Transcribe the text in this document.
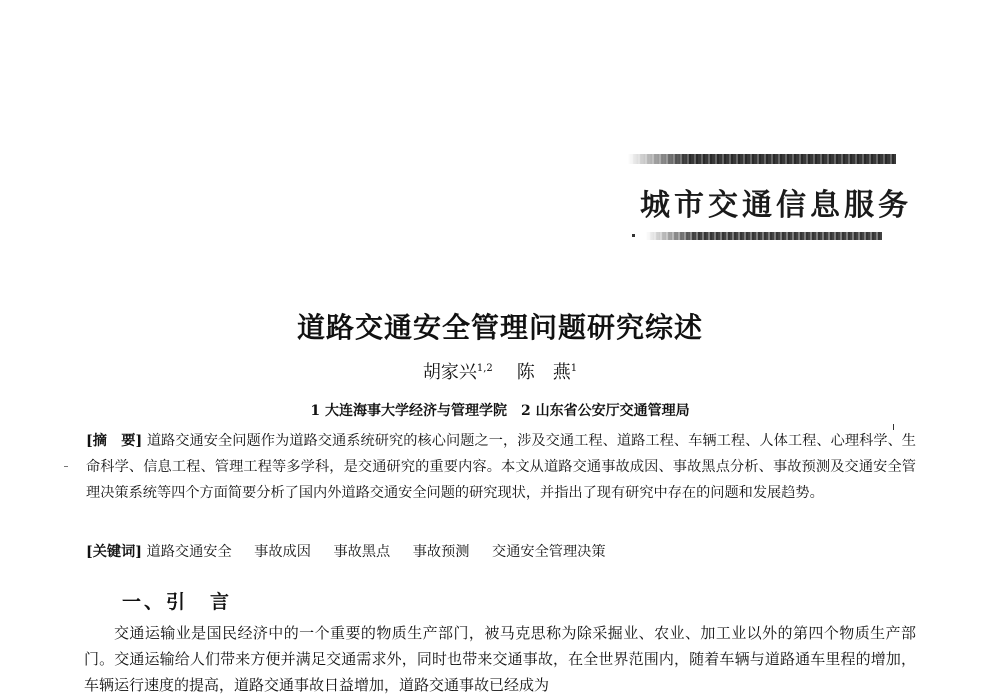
城市交通信息服务
道路交通安全管理问题研究综述
胡家兴$^{1,2}$ 陈　燕$^1$
1 大连海事大学经济与管理学院 2 山东省公安厅交通管理局
[摘　要] 道路交通安全问题作为道路交通系统研究的核心问题之一，涉及交通工程、道路工程、车辆工程、人体工程、心理科学、生命科学、信息工程、管理工程等多学科，是交通研究的重要内容。本文从道路交通事故成因、事故黑点分析、事故预测及交通安全管理决策系统等四个方面简要分析了国内外道路交通安全问题的研究现状，并指出了现有研究中存在的问题和发展趋势。
[关键词] 道路交通安全 事故成因 事故黑点 事故预测 交通安全管理决策
一、引　言
交通运输业是国民经济中的一个重要的物质生产部门，被马克思称为除采掘业、农业、加工业以外的第四个物质生产部门。交通运输给人们带来方便并满足交通需求外，同时也带来交通事故，在全世界范围内，随着车辆与道路通车里程的增加，车辆运行速度的提高，道路交通事故日益增加，道路交通事故已经成为
